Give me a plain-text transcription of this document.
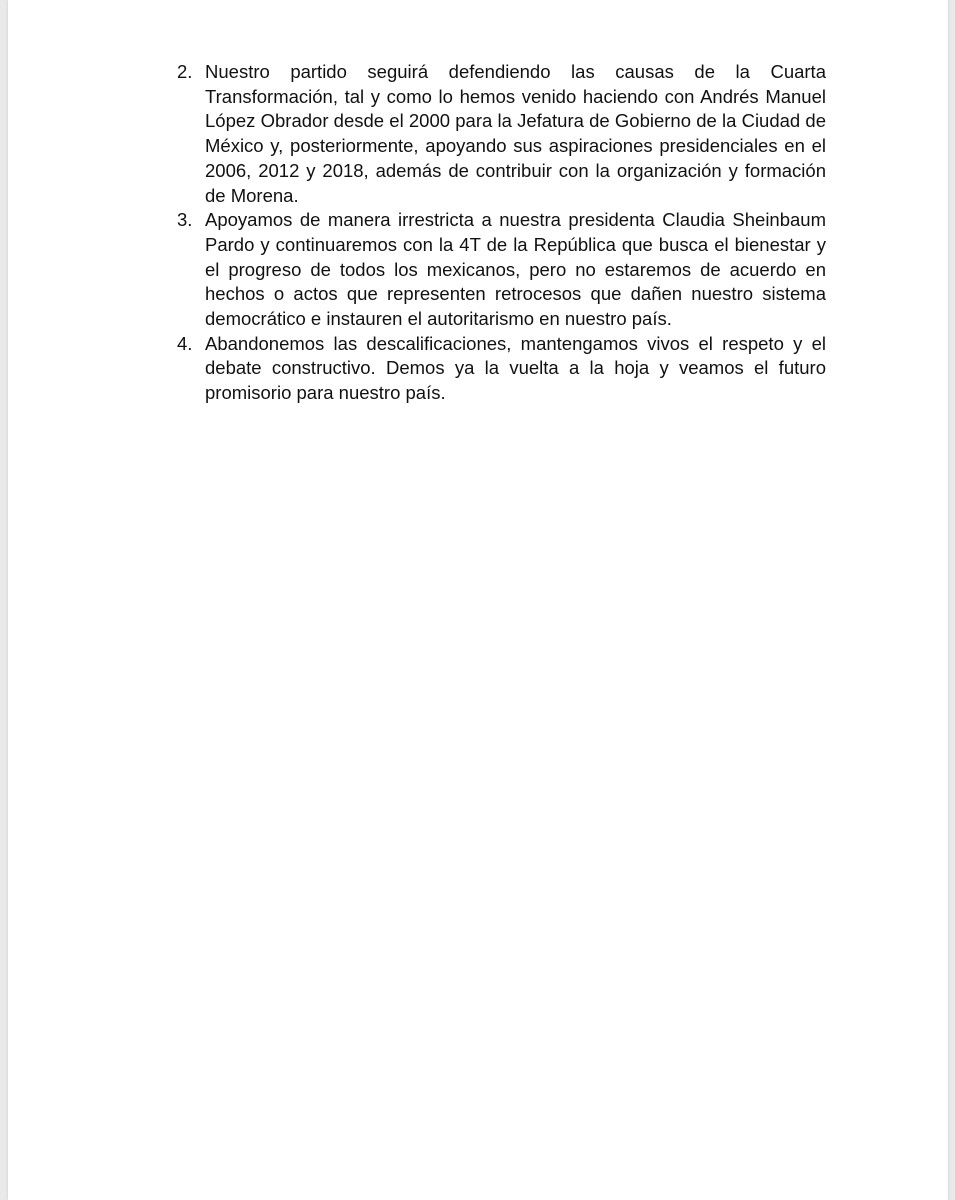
2. Nuestro partido seguirá defendiendo las causas de la Cuarta Transformación, tal y como lo hemos venido haciendo con Andrés Manuel López Obrador desde el 2000 para la Jefatura de Gobierno de la Ciudad de México y, posteriormente, apoyando sus aspiraciones presidenciales en el 2006, 2012 y 2018, además de contribuir con la organización y formación de Morena.
3. Apoyamos de manera irrestricta a nuestra presidenta Claudia Sheinbaum Pardo y continuaremos con la 4T de la República que busca el bienestar y el progreso de todos los mexicanos, pero no estaremos de acuerdo en hechos o actos que representen retrocesos que dañen nuestro sistema democrático e instauren el autoritarismo en nuestro país.
4. Abandonemos las descalificaciones, mantengamos vivos el respeto y el debate constructivo. Demos ya la vuelta a la hoja y veamos el futuro promisorio para nuestro país.
